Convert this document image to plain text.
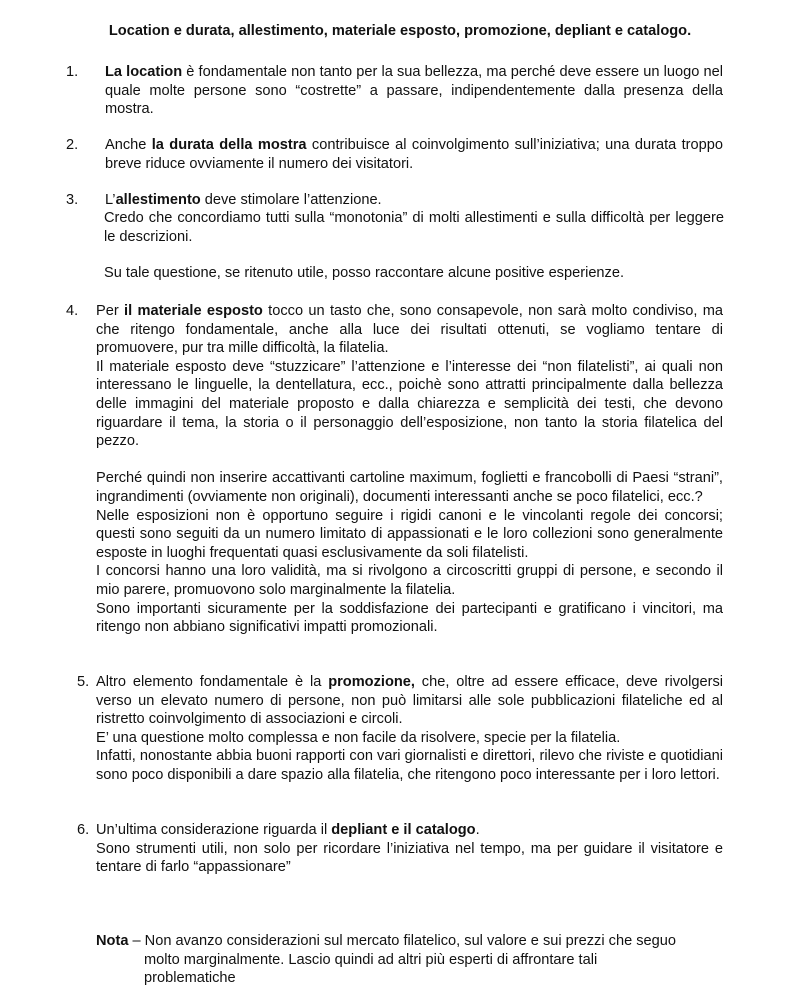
Location e durata, allestimento, materiale esposto, promozione, depliant e catalogo.
1. La location è fondamentale non tanto per la sua bellezza, ma perché deve essere un luogo nel quale molte persone sono “costrette” a passare, indipendentemente dalla presenza della mostra.

2. Anche la durata della mostra contribuisce al coinvolgimento sull’iniziativa; una durata troppo breve riduce ovviamente il numero dei visitatori.

3. L’allestimento deve stimolare l’attenzione.

Credo che concordiamo tutti sulla “monotonia” di molti allestimenti e sulla difficoltà per leggere le descrizioni.

Su tale questione, se ritenuto utile, posso raccontare alcune positive esperienze.

4. Per il materiale esposto tocco un tasto che, sono consapevole, non sarà molto condiviso, ma che ritengo fondamentale, anche alla luce dei risultati ottenuti, se vogliamo tentare di promuovere, pur tra mille difficoltà, la filatelia.

Il materiale esposto deve “stuzzicare” l’attenzione e l’interesse dei “non filatelisti”, ai quali non interessano le linguelle, la dentellatura, ecc., poichè sono attratti principalmente dalla bellezza delle immagini del materiale proposto e dalla chiarezza e semplicità dei testi, che devono riguardare il tema, la storia o il personaggio dell’esposizione, non tanto la storia filatelica del pezzo.

Perché quindi non inserire accattivanti cartoline maximum, foglietti e francobolli di Paesi “strani”, ingrandimenti (ovviamente non originali), documenti interessanti anche se poco filatelici, ecc.?

Nelle esposizioni non è opportuno seguire i rigidi canoni e le vincolanti regole dei concorsi; questi sono seguiti da un numero limitato di appassionati e le loro collezioni sono generalmente esposte in luoghi frequentati quasi esclusivamente da soli filatelisti.

I concorsi hanno una loro validità, ma si rivolgono a circoscritti gruppi di persone, e secondo il mio parere, promuovono solo marginalmente la filatelia.

Sono importanti sicuramente per la soddisfazione dei partecipanti e gratificano i vincitori, ma ritengo non abbiano significativi impatti promozionali.

5. Altro elemento fondamentale è la promozione, che, oltre ad essere efficace, deve rivolgersi verso un elevato numero di persone, non può limitarsi alle sole pubblicazioni filateliche ed al ristretto coinvolgimento di associazioni e circoli.

E’ una questione molto complessa e non facile da risolvere, specie per la filatelia.

Infatti, nonostante abbia buoni rapporti con vari giornalisti e direttori, rilevo che riviste e quotidiani sono poco disponibili a dare spazio alla filatelia, che ritengono poco interessante per i loro lettori.

6. Un’ultima considerazione riguarda il depliant e il catalogo.

Sono strumenti utili, non solo per ricordare l’iniziativa nel tempo, ma per guidare il visitatore e tentare di farlo “appassionare”

Nota – Non avanzo considerazioni sul mercato filatelico, sul valore e sui prezzi che seguo

molto marginalmente. Lascio quindi ad altri più esperti di affrontare tali

problematiche
